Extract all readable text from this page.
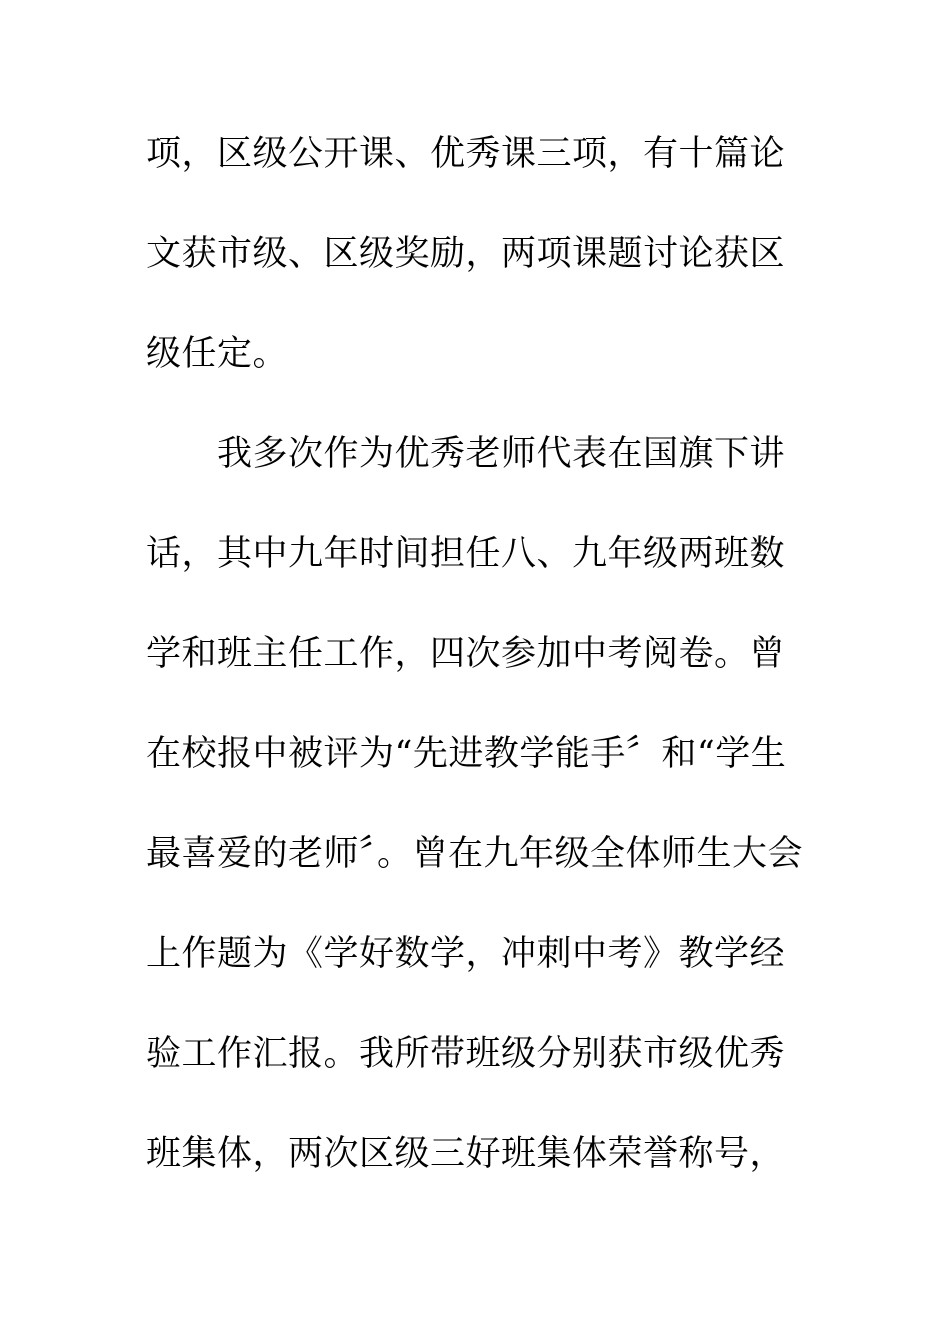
项，区级公开课、优秀课三项，有十篇论
文获市级、区级奖励，两项课题讨论获区
级任定。
　　我多次作为优秀老师代表在国旗下讲
话，其中九年时间担任八、九年级两班数
学和班主任工作，四次参加中考阅卷。曾
在校报中被评为“先进教学能手〞和“学生
最喜爱的老师〞。曾在九年级全体师生大会
上作题为《学好数学，冲刺中考》教学经
验工作汇报。我所带班级分别获市级优秀
班集体，两次区级三好班集体荣誉称号，
